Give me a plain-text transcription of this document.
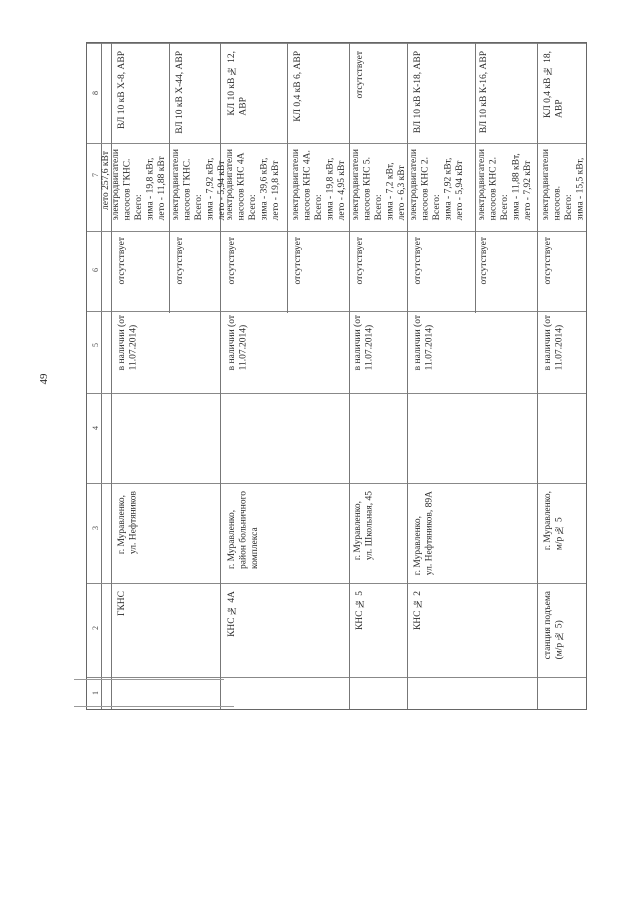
49
8
7
6
5
4
3
2
1
лето 257,6 кВт
ГКНС
г. Муравленко,
ул. Нефтяников
в наличии (от
11.07.2014)
отсутствует
электродвигатели
насосов ГКНС.
Всего:
зима - 19,8 кВт,
лето - 11,88 кВт
ВЛ 10 кВ Х-8, АВР
отсутствует
электродвигатели
насосов ГКНС.
Всего:
зима - 7,92 кВт,
лето - 5,94 кВт
ВЛ 10 кВ Х-44, АВР
КНС № 4А
г. Муравленко,
район больничного
комплекса
в наличии (от
11.07.2014)
отсутствует
электродвигатели
насосов КНС 4А
Всего:
зима - 39,6 кВт,
лето - 19,8 кВт
КЛ 10 кВ № 12,
АВР
отсутствует
электродвигатели
насосов КНС 4А.
Всего:
зима - 19,8 кВт,
лето - 4,95 кВт
КЛ 0,4 кВ 6, АВР
КНС № 5
г. Муравленко,
ул. Школьная, 45
в наличии (от
11.07.2014)
отсутствует
электродвигатели
насосов КНС 5.
Всего:
зима - 7,2 кВт,
лето - 6,3 кВт
отсутствует
КНС № 2
г. Муравленко,
ул. Нефтяников, 89А
в наличии (от
11.07.2014)
отсутствует
электродвигатели
насосов КНС 2.
Всего:
зима - 7,92 кВт,
лето - 5,94 кВт
ВЛ 10 кВ К-18, АВР
отсутствует
электродвигатели
насосов КНС 2.
Всего:
зима - 11,88 кВт,
лето - 7,92 кВт
ВЛ 10 кВ К-16, АВР
станция подъема
(м/р № 5)
г. Муравленко,
м/р № 5
в наличии (от
11.07.2014)
отсутствует
электродвигатели
насосов.
Всего:
зима - 15,5 кВт,
КЛ 0,4 кВ № 18,
АВР
